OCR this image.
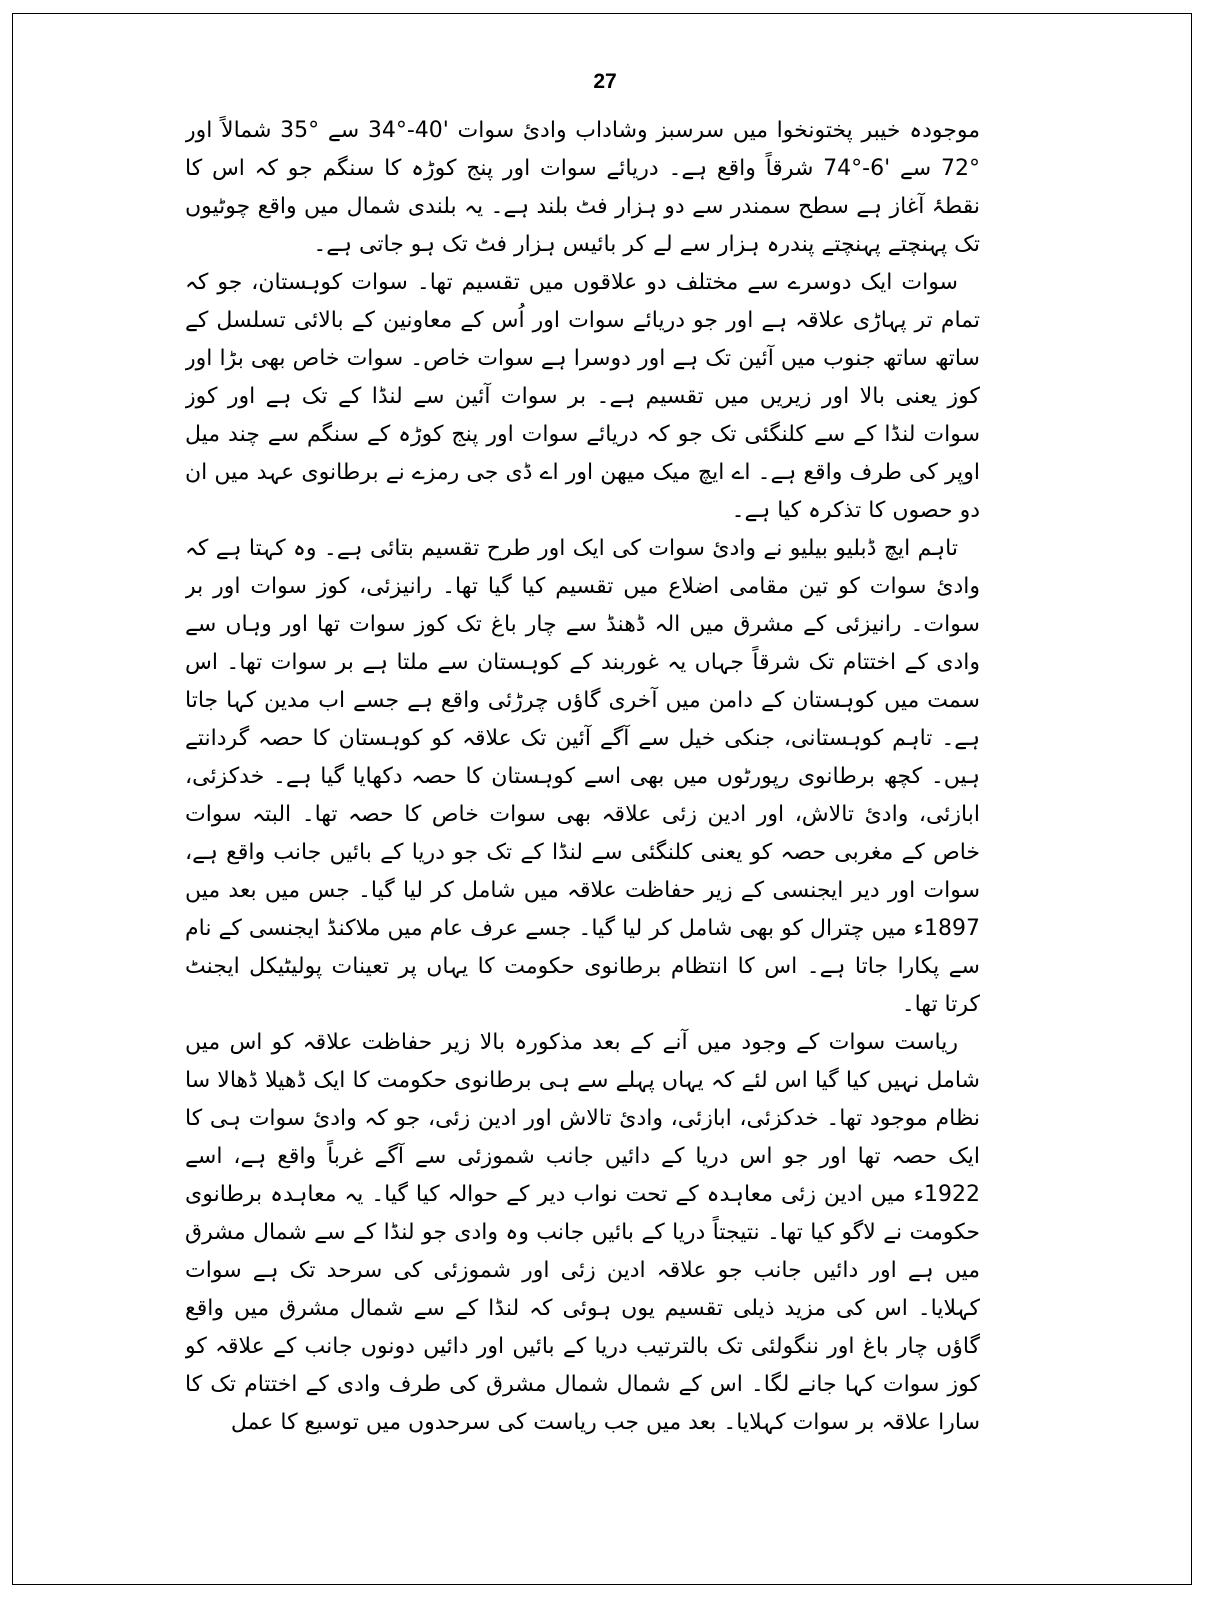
27

موجودہ خیبر پختونخوا میں سرسبز وشاداب وادیٔ سوات '40-°34 سے °35 شمالاً اور °72 سے '6-°74 شرقاً واقع ہے۔ دریائے سوات اور پنج کوڑہ کا سنگم جو کہ اس کا نقطۂ آغاز ہے سطح سمندر سے دو ہزار فٹ بلند ہے۔ یہ بلندی شمال میں واقع چوٹیوں تک پہنچتے پہنچتے پندرہ ہزار سے لے کر بائیس ہزار فٹ تک ہو جاتی ہے۔

سوات ایک دوسرے سے مختلف دو علاقوں میں تقسیم تھا۔ سوات کوہستان، جو کہ تمام تر پہاڑی علاقہ ہے اور جو دریائے سوات اور اُس کے معاونین کے بالائی تسلسل کے ساتھ ساتھ جنوب میں آئین تک ہے اور دوسرا ہے سوات خاص۔ سوات خاص بھی بڑا اور کوز یعنی بالا اور زیریں میں تقسیم ہے۔ بر سوات آئین سے لنڈا کے تک ہے اور کوز سوات لنڈا کے سے کلنگئی تک جو کہ دریائے سوات اور پنج کوڑہ کے سنگم سے چند میل اوپر کی طرف واقع ہے۔ اے ایچ میک میھن اور اے ڈی جی رمزے نے برطانوی عہد میں ان دو حصوں کا تذکرہ کیا ہے۔

تاہم ایچ ڈبلیو بیلیو نے وادیٔ سوات کی ایک اور طرح تقسیم بتائی ہے۔ وہ کہتا ہے کہ وادیٔ سوات کو تین مقامی اضلاع میں تقسیم کیا گیا تھا۔ رانیزئی، کوز سوات اور بر سوات۔ رانیزئی کے مشرق میں الہ ڈھنڈ سے چار باغ تک کوز سوات تھا اور وہاں سے وادی کے اختتام تک شرقاً جہاں یہ غوربند کے کوہستان سے ملتا ہے بر سوات تھا۔ اس سمت میں کوہستان کے دامن میں آخری گاؤں چرڑئی واقع ہے جسے اب مدین کہا جاتا ہے۔ تاہم کوہستانی، جنکی خیل سے آگے آئین تک علاقہ کو کوہستان کا حصہ گردانتے ہیں۔ کچھ برطانوی رپورٹوں میں بھی اسے کوہستان کا حصہ دکھایا گیا ہے۔ خدکزئی، ابازئی، وادیٔ تالاش، اور ادین زئی علاقہ بھی سوات خاص کا حصہ تھا۔ البتہ سوات خاص کے مغربی حصہ کو یعنی کلنگئی سے لنڈا کے تک جو دریا کے بائیں جانب واقع ہے، سوات اور دیر ایجنسی کے زیر حفاظت علاقہ میں شامل کر لیا گیا۔ جس میں بعد میں 1897ء میں چترال کو بھی شامل کر لیا گیا۔ جسے عرف عام میں ملاکنڈ ایجنسی کے نام سے پکارا جاتا ہے۔ اس کا انتظام برطانوی حکومت کا یہاں پر تعینات پولیٹیکل ایجنٹ کرتا تھا۔

ریاست سوات کے وجود میں آنے کے بعد مذکورہ بالا زیر حفاظت علاقہ کو اس میں شامل نہیں کیا گیا اس لئے کہ یہاں پہلے سے ہی برطانوی حکومت کا ایک ڈھیلا ڈھالا سا نظام موجود تھا۔ خدکزئی، ابازئی، وادیٔ تالاش اور ادین زئی، جو کہ وادیٔ سوات ہی کا ایک حصہ تھا اور جو اس دریا کے دائیں جانب شموزئی سے آگے غرباً واقع ہے، اسے 1922ء میں ادین زئی معاہدہ کے تحت نواب دیر کے حوالہ کیا گیا۔ یہ معاہدہ برطانوی حکومت نے لاگو کیا تھا۔ نتیجتاً دریا کے بائیں جانب وہ وادی جو لنڈا کے سے شمال مشرق میں ہے اور دائیں جانب جو علاقہ ادین زئی اور شموزئی کی سرحد تک ہے سوات کہلایا۔ اس کی مزید ذیلی تقسیم یوں ہوئی کہ لنڈا کے سے شمال مشرق میں واقع گاؤں چار باغ اور ننگولئی تک بالترتیب دریا کے بائیں اور دائیں دونوں جانب کے علاقہ کو کوز سوات کہا جانے لگا۔ اس کے شمال شمال مشرق کی طرف وادی کے اختتام تک کا سارا علاقہ بر سوات کہلایا۔ بعد میں جب ریاست کی سرحدوں میں توسیع کا عمل
